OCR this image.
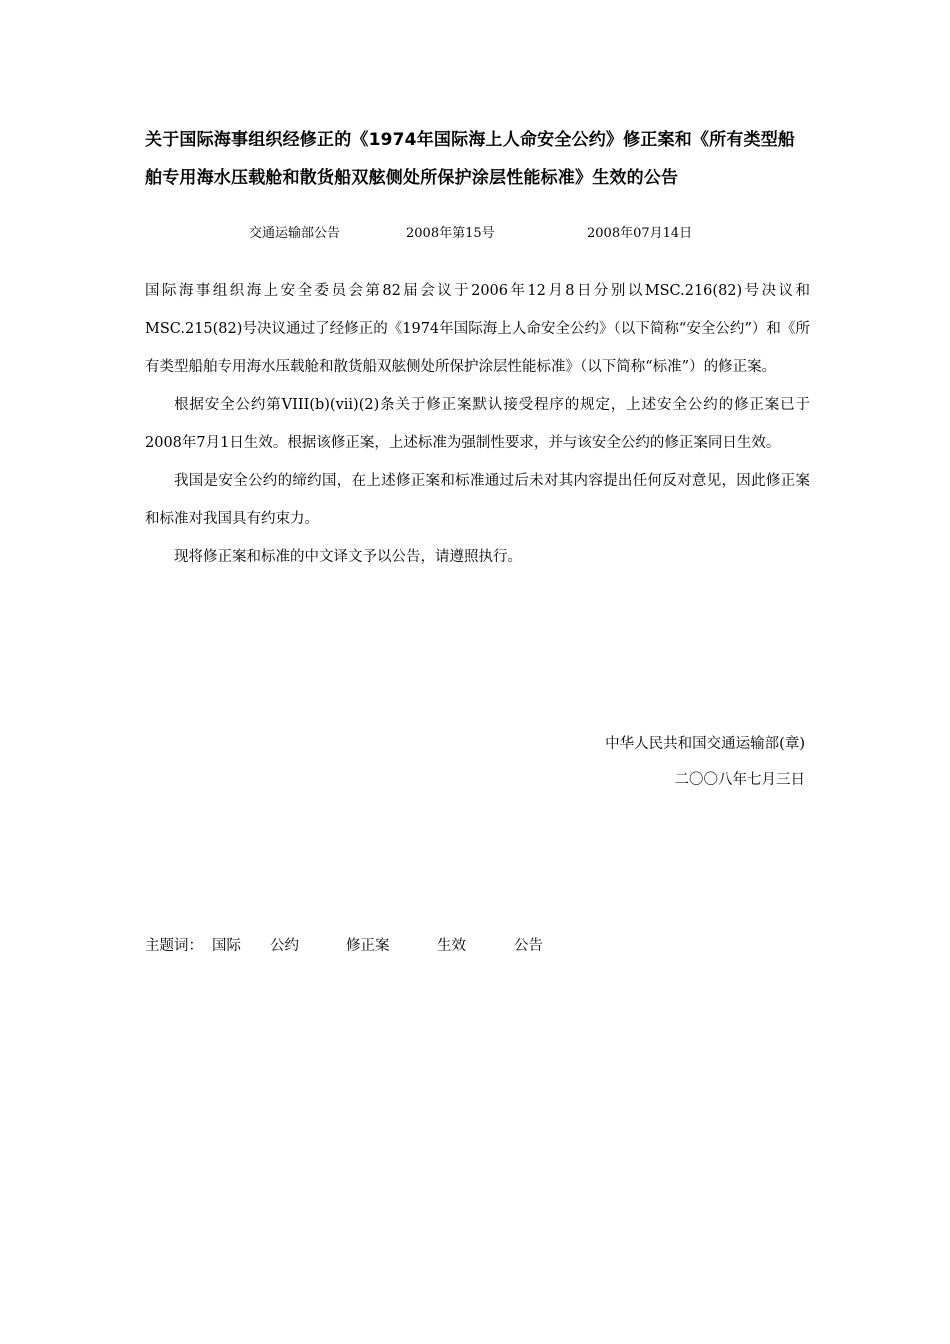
关于国际海事组织经修正的《1974年国际海上人命安全公约》修正案和《所有类型船舶专用海水压载舱和散货船双舷侧处所保护涂层性能标准》生效的公告
交通运输部公告	2008年第15号	2008年07月14日

国际海事组织海上安全委员会第82届会议于2006年12月8日分别以MSC.216(82)号决议和MSC.215(82)号决议通过了经修正的《1974年国际海上人命安全公约》（以下简称“安全公约”）和《所有类型船舶专用海水压载舱和散货船双舷侧处所保护涂层性能标准》（以下简称“标准”）的修正案。

根据安全公约第VIII(b)(vii)(2)条关于修正案默认接受程序的规定，上述安全公约的修正案已于2008年7月1日生效。根据该修正案，上述标准为强制性要求，并与该安全公约的修正案同日生效。

我国是安全公约的缔约国，在上述修正案和标准通过后未对其内容提出任何反对意见，因此修正案和标准对我国具有约束力。

现将修正案和标准的中文译文予以公告，请遵照执行。

中华人民共和国交通运输部(章)
二〇〇八年七月三日
主题词： 国际 公约	修正案	生效	公告
